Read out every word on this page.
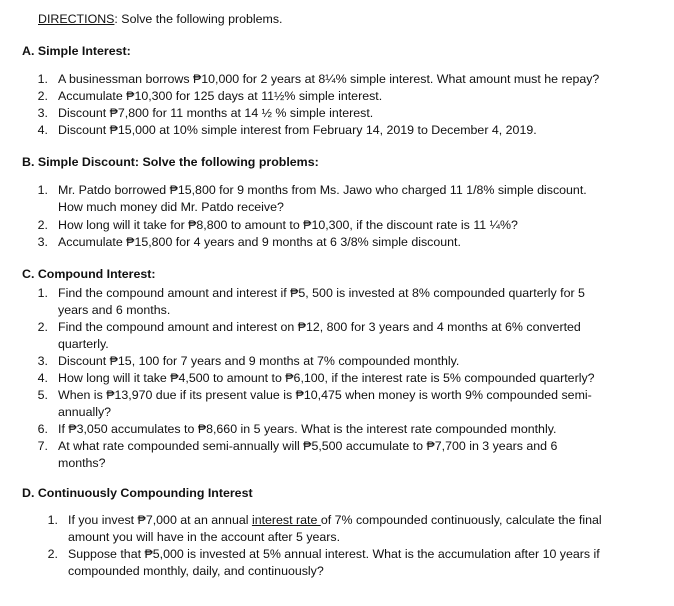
DIRECTIONS: Solve the following problems.
A. Simple Interest:
1. A businessman borrows ₱10,000 for 2 years at 8¼% simple interest. What amount must he repay?
2. Accumulate ₱10,300 for 125 days at 11½% simple interest.
3. Discount ₱7,800 for 11 months at 14 ½ % simple interest.
4. Discount ₱15,000 at 10% simple interest from February 14, 2019 to December 4, 2019.
B. Simple Discount: Solve the following problems:
1. Mr. Patdo borrowed ₱15,800 for 9 months from Ms. Jawo who charged 11 1/8% simple discount.
How much money did Mr. Patdo receive?
2. How long will it take for ₱8,800 to amount to ₱10,300, if the discount rate is 11 ¼%?
3. Accumulate ₱15,800 for 4 years and 9 months at 6 3/8% simple discount.
C. Compound Interest:
1. Find the compound amount and interest if ₱5, 500 is invested at 8% compounded quarterly for 5
years and 6 months.
2. Find the compound amount and interest on ₱12, 800 for 3 years and 4 months at 6% converted
quarterly.
3. Discount ₱15, 100 for 7 years and 9 months at 7% compounded monthly.
4. How long will it take ₱4,500 to amount to ₱6,100, if the interest rate is 5% compounded quarterly?
5. When is ₱13,970 due if its present value is ₱10,475 when money is worth 9% compounded semi-
annually?
6. If ₱3,050 accumulates to ₱8,660 in 5 years. What is the interest rate compounded monthly.
7. At what rate compounded semi-annually will ₱5,500 accumulate to ₱7,700 in 3 years and 6
months?
D. Continuously Compounding Interest
1. If you invest ₱7,000 at an annual interest rate of 7% compounded continuously, calculate the final
amount you will have in the account after 5 years.
2. Suppose that ₱5,000 is invested at 5% annual interest. What is the accumulation after 10 years if
compounded monthly, daily, and continuously?
